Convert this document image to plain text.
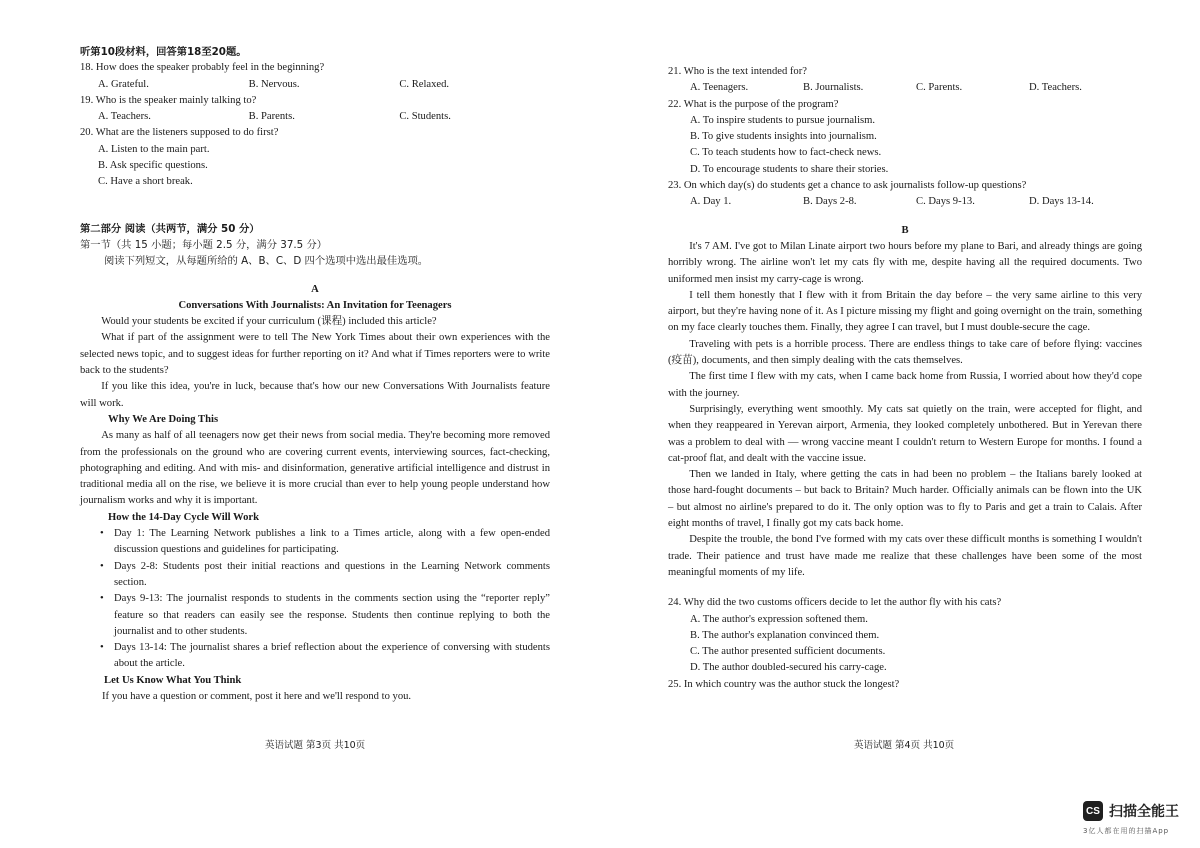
听第10段材料，回答第18至20题。
18. How does the speaker probably feel in the beginning?
A. Grateful.	B. Nervous.	C. Relaxed.
19. Who is the speaker mainly talking to?
A. Teachers.	B. Parents.	C. Students.
20. What are the listeners supposed to do first?
A. Listen to the main part.
B. Ask specific questions.
C. Have a short break.
第二部分 阅读（共两节，满分 50 分）
第一节（共 15 小题；每小题 2.5 分，满分 37.5 分）
阅读下列短文，从每题所给的 A、B、C、D 四个选项中选出最佳选项。
A
Conversations With Journalists: An Invitation for Teenagers
Would your students be excited if your curriculum (课程) included this article?
What if part of the assignment were to tell The New York Times about their own experiences with the selected news topic, and to suggest ideas for further reporting on it? And what if Times reporters were to write back to the students?
If you like this idea, you're in luck, because that's how our new Conversations With Journalists feature will work.
Why We Are Doing This
As many as half of all teenagers now get their news from social media. They're becoming more removed from the professionals on the ground who are covering current events, interviewing sources, fact-checking, photographing and editing. And with mis- and disinformation, generative artificial intelligence and distrust in traditional media all on the rise, we believe it is more crucial than ever to help young people understand how journalism works and why it is important.
How the 14-Day Cycle Will Work
• Day 1: The Learning Network publishes a link to a Times article, along with a few open-ended discussion questions and guidelines for participating.
• Days 2-8: Students post their initial reactions and questions in the Learning Network comments section.
• Days 9-13: The journalist responds to students in the comments section using the “reporter reply” feature so that readers can easily see the response. Students then continue replying to both the journalist and to other students.
• Days 13-14: The journalist shares a brief reflection about the experience of conversing with students about the article.
Let Us Know What You Think
If you have a question or comment, post it here and we'll respond to you.
英语试题 第3页 共10页
21. Who is the text intended for?
A. Teenagers.	B. Journalists.	C. Parents.	D. Teachers.
22. What is the purpose of the program?
A. To inspire students to pursue journalism.
B. To give students insights into journalism.
C. To teach students how to fact-check news.
D. To encourage students to share their stories.
23. On which day(s) do students get a chance to ask journalists follow-up questions?
A. Day 1.	B. Days 2-8.	C. Days 9-13.	D. Days 13-14.
B
It's 7 AM. I've got to Milan Linate airport two hours before my plane to Bari, and already things are going horribly wrong. The airline won't let my cats fly with me, despite having all the required documents. Two uniformed men insist my carry-cage is wrong.
I tell them honestly that I flew with it from Britain the day before – the very same airline to this very airport, but they're having none of it. As I picture missing my flight and going overnight on the train, something on my face clearly touches them. Finally, they agree I can travel, but I must double-secure the cage.
Traveling with pets is a horrible process. There are endless things to take care of before flying: vaccines (疫苗), documents, and then simply dealing with the cats themselves.
The first time I flew with my cats, when I came back home from Russia, I worried about how they'd cope with the journey.
Surprisingly, everything went smoothly. My cats sat quietly on the train, were accepted for flight, and when they reappeared in Yerevan airport, Armenia, they looked completely unbothered. But in Yerevan there was a problem to deal with — wrong vaccine meant I couldn't return to Western Europe for months. I found a cat-proof flat, and dealt with the vaccine issue.
Then we landed in Italy, where getting the cats in had been no problem – the Italians barely looked at those hard-fought documents – but back to Britain? Much harder. Officially animals can be flown into the UK – but almost no airline's prepared to do it. The only option was to fly to Paris and get a train to Calais. After eight months of travel, I finally got my cats back home.
Despite the trouble, the bond I've formed with my cats over these difficult months is something I wouldn't trade. Their patience and trust have made me realize that these challenges have been some of the most meaningful moments of my life.
24. Why did the two customs officers decide to let the author fly with his cats?
A. The author's expression softened them.
B. The author's explanation convinced them.
C. The author presented sufficient documents.
D. The author doubled-secured his carry-cage.
25. In which country was the author stuck the longest?
英语试题 第4页 共10页
CS 扫描全能王
3亿人都在用的扫描App
